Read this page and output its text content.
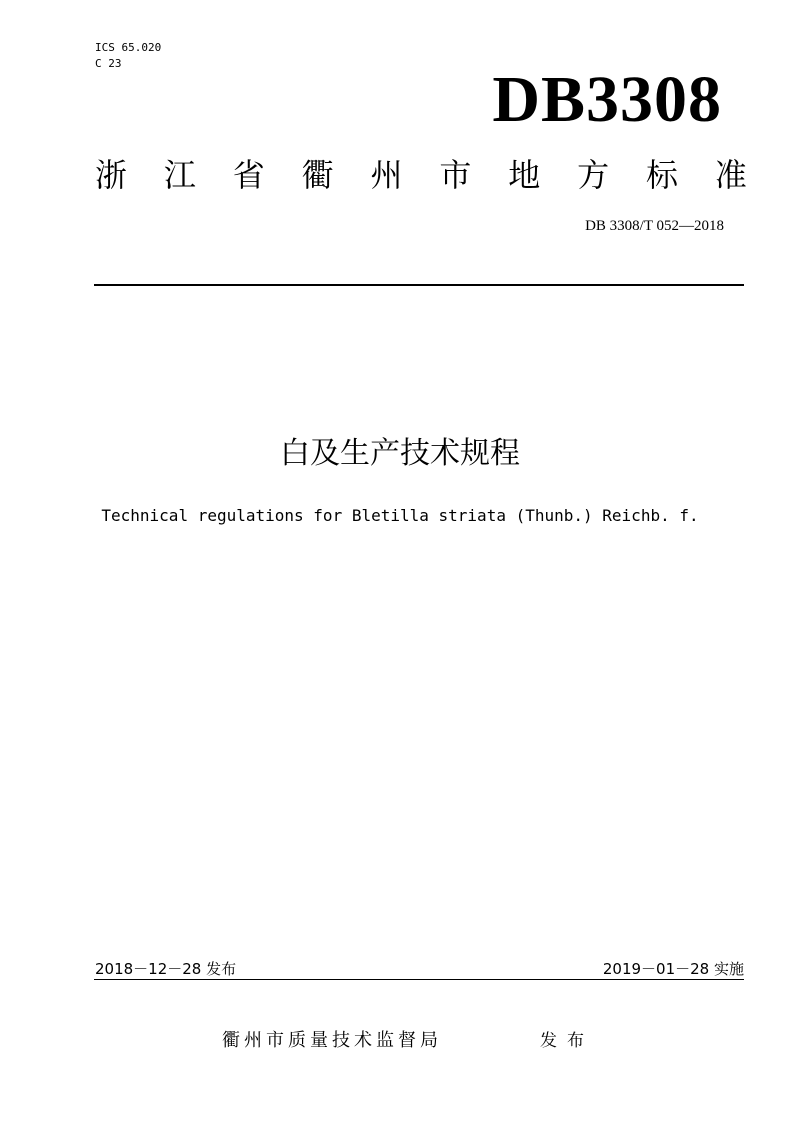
ICS 65.020
C 23	DB3308
浙 江 省 衢 州 市 地 方 标 准
DB 3308/T 052—2018
白及生产技术规程
Technical regulations for Bletilla striata (Thunb.) Reichb. f.
2018－12－28 发布	2019－01－28 实施
衢州市质量技术监督局	发布
